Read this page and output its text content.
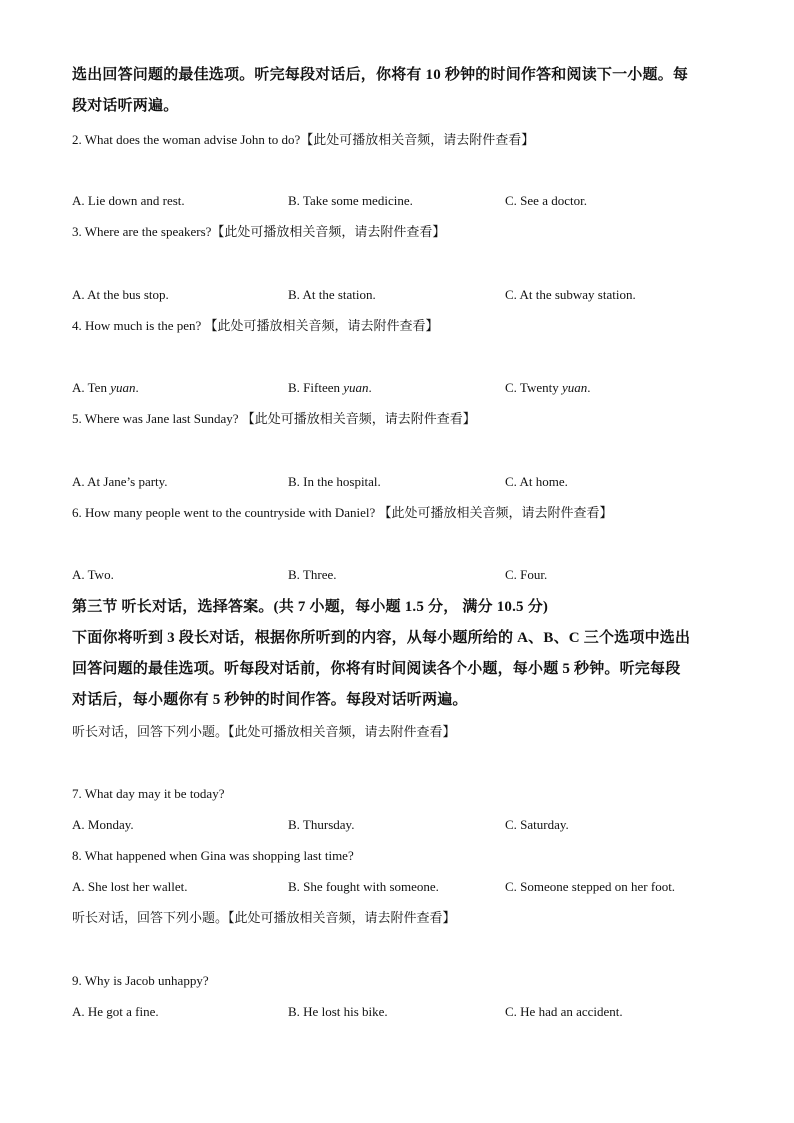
选出回答问题的最佳选项。听完每段对话后，你将有 10 秒钟的时间作答和阅读下一小题。每
段对话听两遍。
2. What does the woman advise John to do?【此处可播放相关音频，请去附件查看】
A. Lie down and rest.	B. Take some medicine.	C. See a doctor.
3. Where are the speakers?【此处可播放相关音频，请去附件查看】
A. At the bus stop.	B. At the station.	C. At the subway station.
4. How much is the pen? 【此处可播放相关音频，请去附件查看】
A. Ten yuan.	B. Fifteen yuan.	C. Twenty yuan.
5. Where was Jane last Sunday? 【此处可播放相关音频，请去附件查看】
A. At Jane’s party.	B. In the hospital.	C. At home.
6. How many people went to the countryside with Daniel? 【此处可播放相关音频，请去附件查看】
A. Two.	B. Three.	C. Four.
第三节 听长对话，选择答案。(共 7 小题，每小题 1.5 分， 满分 10.5 分)
下面你将听到 3 段长对话，根据你所听到的内容，从每小题所给的 A、B、C 三个选项中选出
回答问题的最佳选项。听每段对话前，你将有时间阅读各个小题，每小题 5 秒钟。听完每段
对话后，每小题你有 5 秒钟的时间作答。每段对话听两遍。
听长对话，回答下列小题。【此处可播放相关音频，请去附件查看】
7. What day may it be today?
A. Monday.	B. Thursday.	C. Saturday.
8. What happened when Gina was shopping last time?
A. She lost her wallet.	B. She fought with someone.	C. Someone stepped on her foot.
听长对话，回答下列小题。【此处可播放相关音频，请去附件查看】
9. Why is Jacob unhappy?
A. He got a fine.	B. He lost his bike.	C. He had an accident.
